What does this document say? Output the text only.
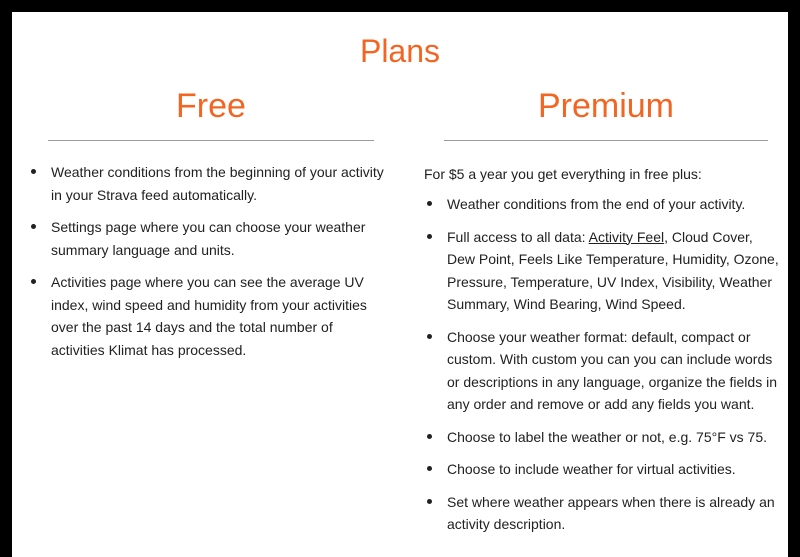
Plans
Free
Weather conditions from the beginning of your activity in your Strava feed automatically.
Settings page where you can choose your weather summary language and units.
Activities page where you can see the average UV index, wind speed and humidity from your activities over the past 14 days and the total number of activities Klimat has processed.
Premium

For $5 a year you get everything in free plus:

Weather conditions from the end of your activity.
Full access to all data: Activity Feel, Cloud Cover, Dew Point, Feels Like Temperature, Humidity, Ozone, Pressure, Temperature, UV Index, Visibility, Weather Summary, Wind Bearing, Wind Speed.
Choose your weather format: default, compact or custom. With custom you can you can include words or descriptions in any language, organize the fields in any order and remove or add any fields you want.
Choose to label the weather or not, e.g. 75°F vs 75.
Choose to include weather for virtual activities.
Set where weather appears when there is already an activity description.
